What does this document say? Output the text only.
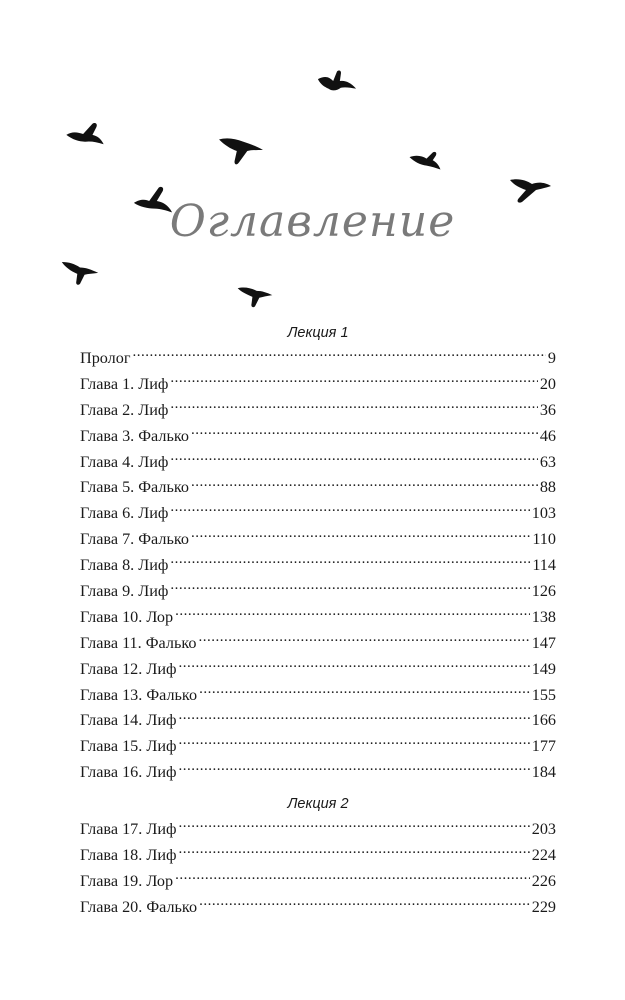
Оглавление
Лекция 1
Пролог .....	9
Глава 1. Лиф .....	20
Глава 2. Лиф .....	36
Глава 3. Фалько .....	46
Глава 4. Лиф .....	63
Глава 5. Фалько .....	88
Глава 6. Лиф .....	103
Глава 7. Фалько .....	110
Глава 8. Лиф .....	114
Глава 9. Лиф .....	126
Глава 10. Лор .....	138
Глава 11. Фалько .....	147
Глава 12. Лиф .....	149
Глава 13. Фалько .....	155
Глава 14. Лиф .....	166
Глава 15. Лиф .....	177
Глава 16. Лиф .....	184
Лекция 2
Глава 17. Лиф .....	203
Глава 18. Лиф .....	224
Глава 19. Лор .....	226
Глава 20. Фалько .....	229
